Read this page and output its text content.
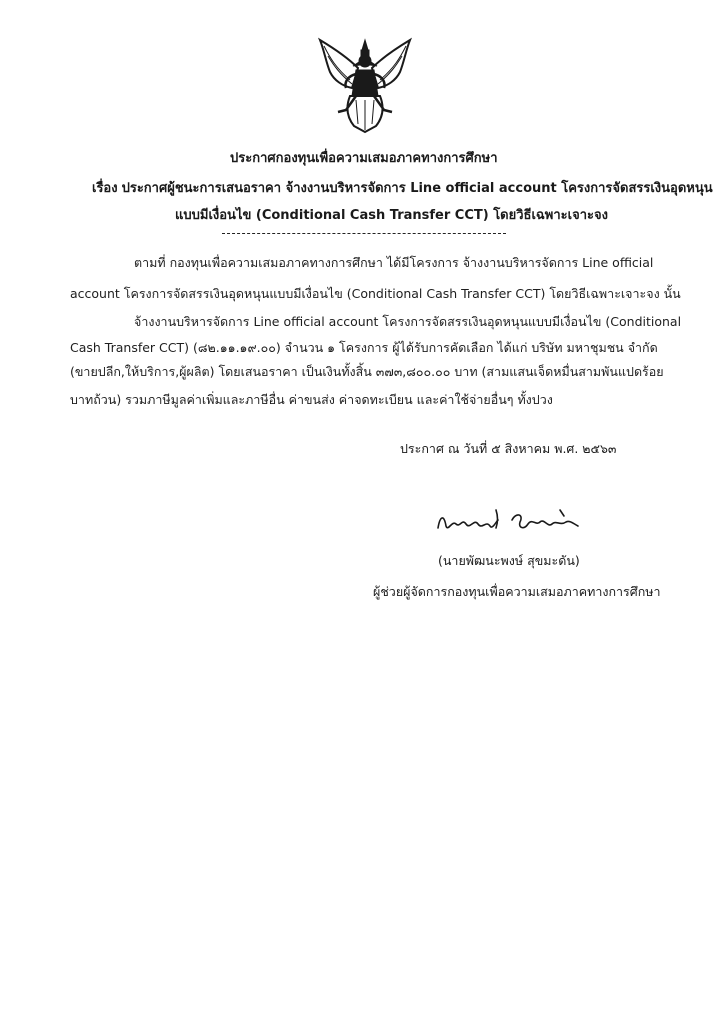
ประกาศกองทุนเพื่อความเสมอภาคทางการศึกษา
เรื่อง ประกาศผู้ชนะการเสนอราคา จ้างงานบริหารจัดการ Line official account โครงการจัดสรรเงินอุดหนุน
แบบมีเงื่อนไข (Conditional Cash Transfer CCT) โดยวิธีเฉพาะเจาะจง
ตามที่ กองทุนเพื่อความเสมอภาคทางการศึกษา ได้มีโครงการ จ้างงานบริหารจัดการ Line official
account โครงการจัดสรรเงินอุดหนุนแบบมีเงื่อนไข (Conditional Cash Transfer CCT) โดยวิธีเฉพาะเจาะจง นั้น
จ้างงานบริหารจัดการ Line official account โครงการจัดสรรเงินอุดหนุนแบบมีเงื่อนไข (Conditional
Cash Transfer CCT) (๘๒.๑๑.๑๙.๐๐) จำนวน ๑ โครงการ ผู้ได้รับการคัดเลือก ได้แก่ บริษัท มหาชุมชน จำกัด
(ขายปลีก,ให้บริการ,ผู้ผลิต) โดยเสนอราคา เป็นเงินทั้งสิ้น ๓๗๓,๘๐๐.๐๐ บาท (สามแสนเจ็ดหมื่นสามพันแปดร้อย
บาทถ้วน) รวมภาษีมูลค่าเพิ่มและภาษีอื่น ค่าขนส่ง ค่าจดทะเบียน และค่าใช้จ่ายอื่นๆ ทั้งปวง
ประกาศ ณ วันที่ ๕ สิงหาคม พ.ศ. ๒๕๖๓
(นายพัฒนะพงษ์ สุขมะดัน)
ผู้ช่วยผู้จัดการกองทุนเพื่อความเสมอภาคทางการศึกษา
